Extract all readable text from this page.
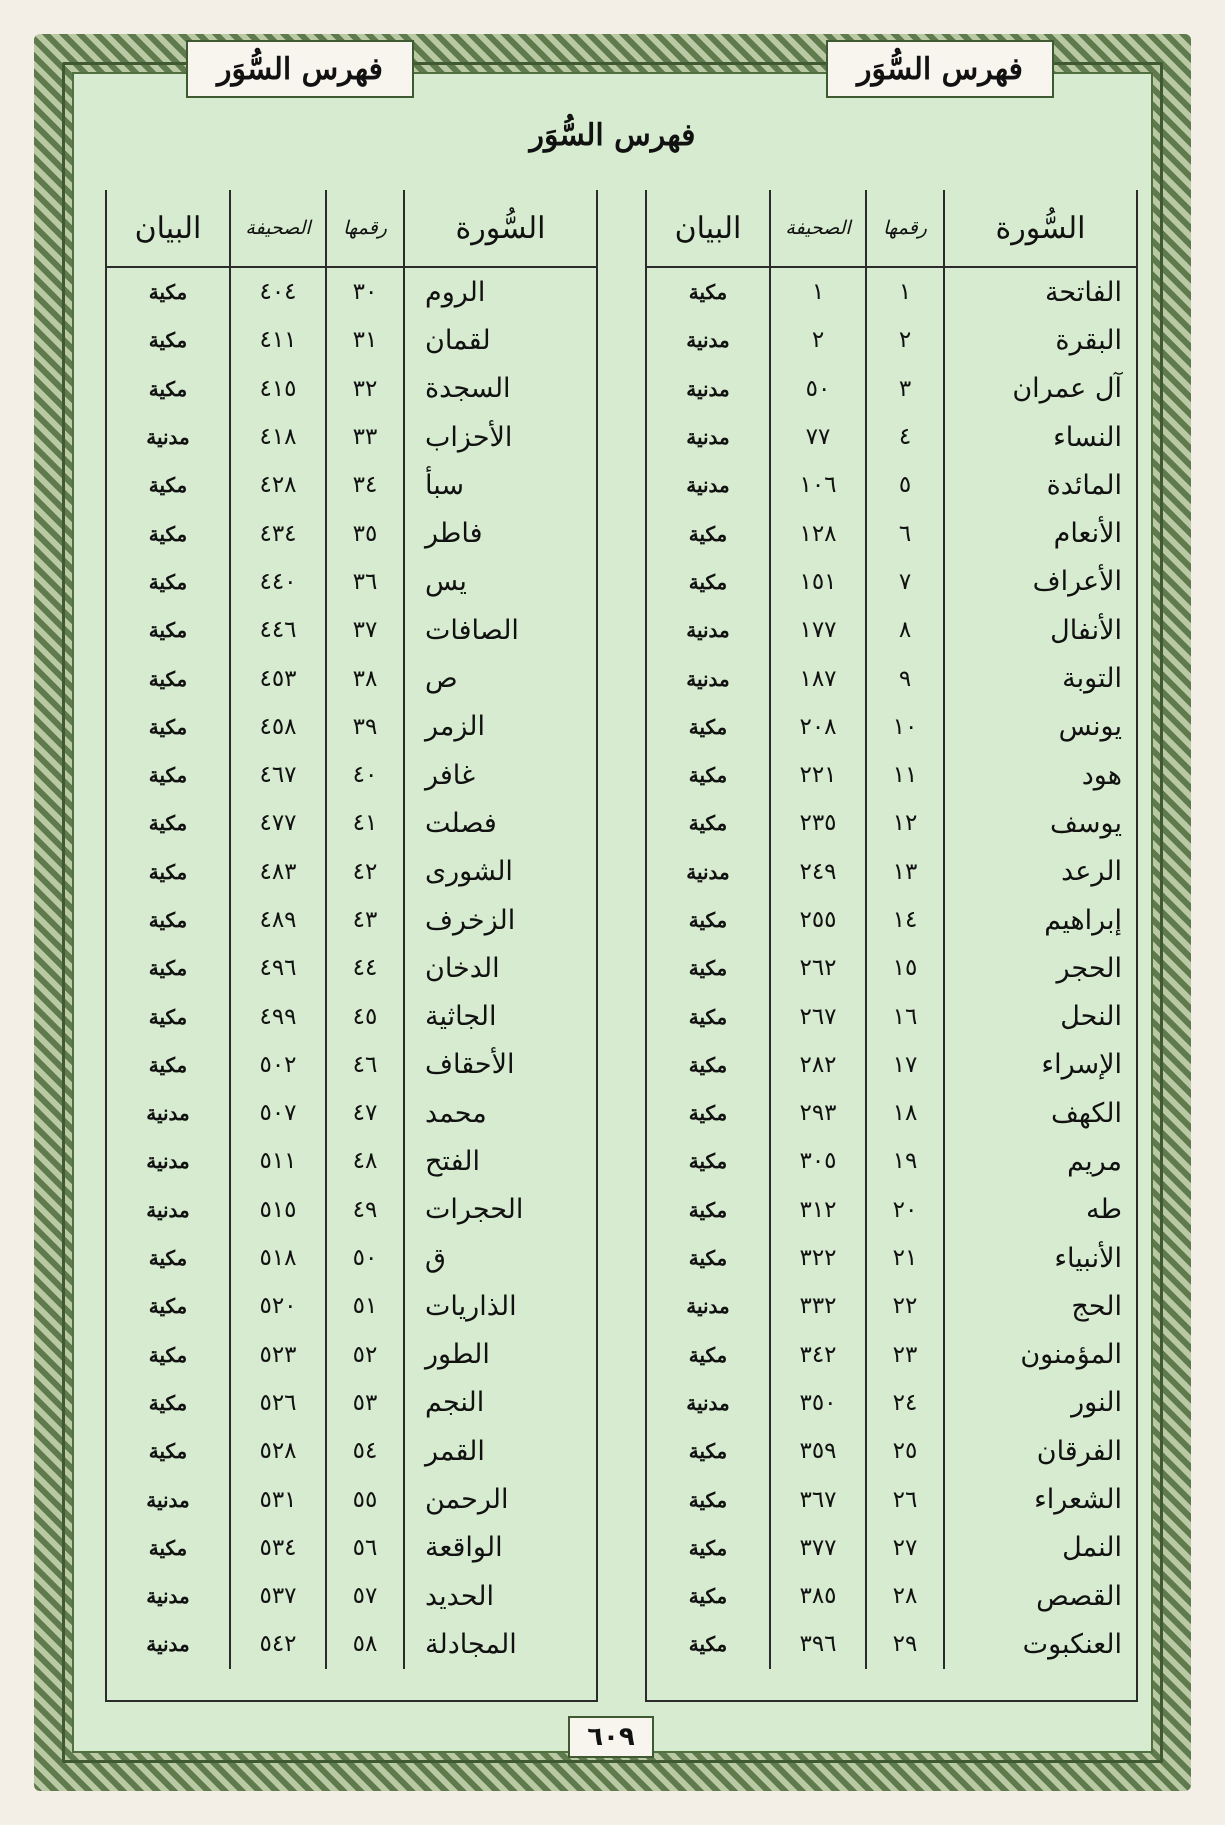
فهرس السُّوَر	فهرس السُّوَر
فهرس السُّوَر
السُّورة
رقمها
الصحيفة
البيان
الفاتحة
١
١
مكية
البقرة
٢
٢
مدنية
آل عمران
٣
٥٠
مدنية
النساء
٤
٧٧
مدنية
المائدة
٥
١٠٦
مدنية
الأنعام
٦
١٢٨
مكية
الأعراف
٧
١٥١
مكية
الأنفال
٨
١٧٧
مدنية
التوبة
٩
١٨٧
مدنية
يونس
١٠
٢٠٨
مكية
هود
١١
٢٢١
مكية
يوسف
١٢
٢٣٥
مكية
الرعد
١٣
٢٤٩
مدنية
إبراهيم
١٤
٢٥٥
مكية
الحجر
١٥
٢٦٢
مكية
النحل
١٦
٢٦٧
مكية
الإسراء
١٧
٢٨٢
مكية
الكهف
١٨
٢٩٣
مكية
مريم
١٩
٣٠٥
مكية
طه
٢٠
٣١٢
مكية
الأنبياء
٢١
٣٢٢
مكية
الحج
٢٢
٣٣٢
مدنية
المؤمنون
٢٣
٣٤٢
مكية
النور
٢٤
٣٥٠
مدنية
الفرقان
٢٥
٣٥٩
مكية
الشعراء
٢٦
٣٦٧
مكية
النمل
٢٧
٣٧٧
مكية
القصص
٢٨
٣٨٥
مكية
العنكبوت
٢٩
٣٩٦
مكية
السُّورة
رقمها
الصحيفة
البيان
الروم
٣٠
٤٠٤
مكية
لقمان
٣١
٤١١
مكية
السجدة
٣٢
٤١٥
مكية
الأحزاب
٣٣
٤١٨
مدنية
سبأ
٣٤
٤٢٨
مكية
فاطر
٣٥
٤٣٤
مكية
يس
٣٦
٤٤٠
مكية
الصافات
٣٧
٤٤٦
مكية
ص
٣٨
٤٥٣
مكية
الزمر
٣٩
٤٥٨
مكية
غافر
٤٠
٤٦٧
مكية
فصلت
٤١
٤٧٧
مكية
الشورى
٤٢
٤٨٣
مكية
الزخرف
٤٣
٤٨٩
مكية
الدخان
٤٤
٤٩٦
مكية
الجاثية
٤٥
٤٩٩
مكية
الأحقاف
٤٦
٥٠٢
مكية
محمد
٤٧
٥٠٧
مدنية
الفتح
٤٨
٥١١
مدنية
الحجرات
٤٩
٥١٥
مدنية
ق
٥٠
٥١٨
مكية
الذاريات
٥١
٥٢٠
مكية
الطور
٥٢
٥٢٣
مكية
النجم
٥٣
٥٢٦
مكية
القمر
٥٤
٥٢٨
مكية
الرحمن
٥٥
٥٣١
مدنية
الواقعة
٥٦
٥٣٤
مكية
الحديد
٥٧
٥٣٧
مدنية
المجادلة
٥٨
٥٤٢
مدنية
٦٠٩
